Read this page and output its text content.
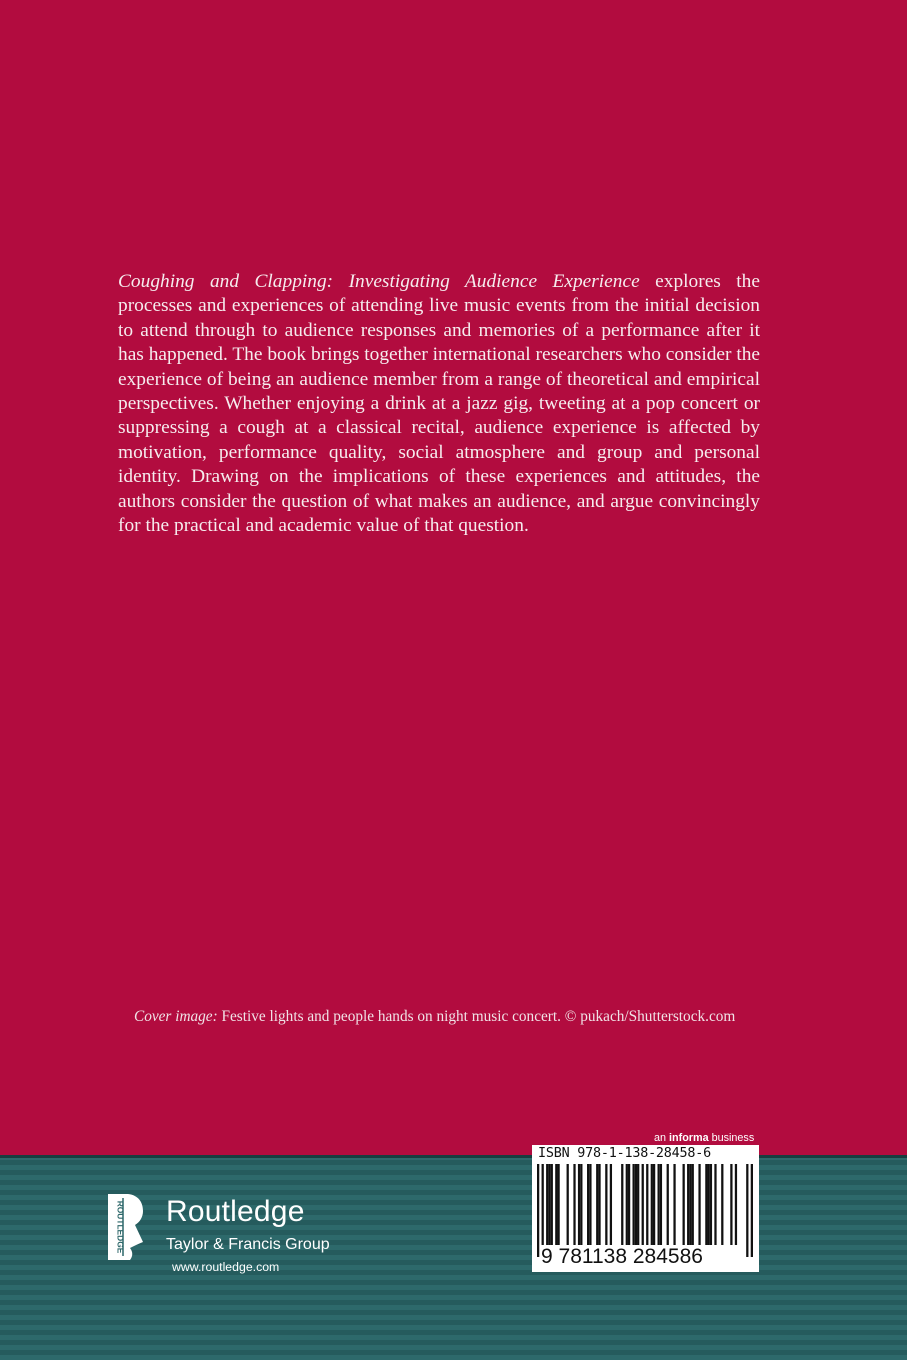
Coughing and Clapping: Investigating Audience Experience explores the processes and experiences of attending live music events from the initial decision to attend through to audience responses and memories of a performance after it has happened. The book brings together international researchers who consider the experience of being an audience member from a range of theoretical and empirical perspectives. Whether enjoying a drink at a jazz gig, tweeting at a pop concert or suppressing a cough at a classical recital, audience experience is affected by motivation, performance quality, social atmosphere and group and personal identity. Drawing on the implications of these experiences and attitudes, the authors consider the question of what makes an audience, and argue convincingly for the practical and academic value of that question.

Cover image: Festive lights and people hands on night music concert. © pukach/Shutterstock.com

an informa business
ROUTLEDGE Routledge
Taylor & Francis Group
www.routledge.com
ISBN 978-1-138-28458-6
9 781138 284586
